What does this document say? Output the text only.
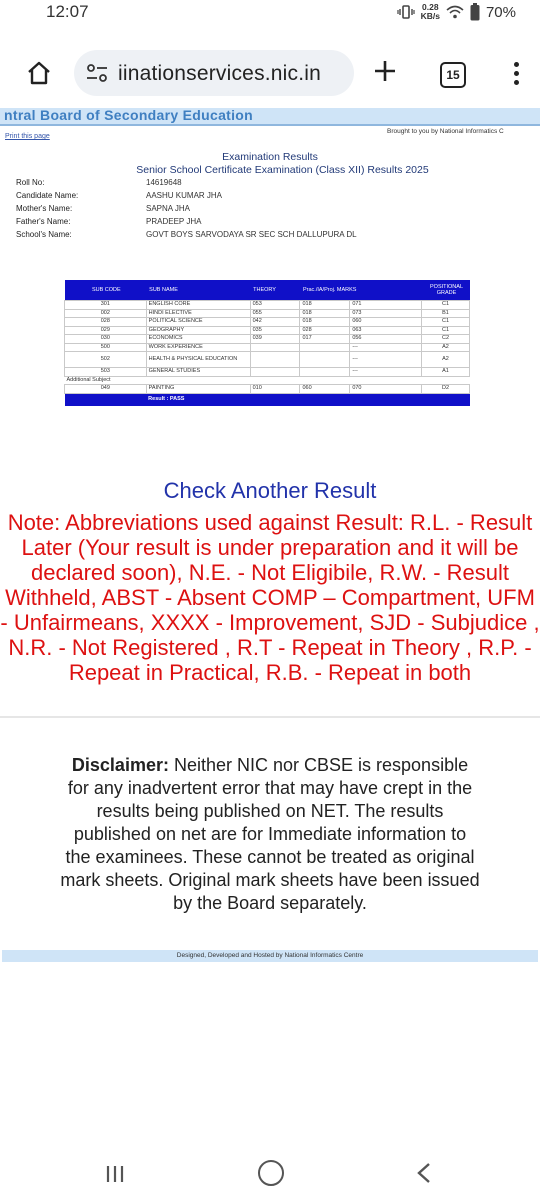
12:07	0.28
KB/s	70%
iinationservices.nic.in	15
ntral Board of Secondary Education
Print this page
Brought to you by National Informatics C
Examination Results
Senior School Certificate Examination (Class XII) Results 2025
Roll No:	14619648
Candidate Name:	AASHU KUMAR JHA
Mother's Name:	SAPNA JHA
Father's Name:	PRADEEP JHA
School's Name:	GOVT BOYS SARVODAYA SR SEC SCH DALLUPURA DL
SUB CODE	SUB NAME	THEORY	Prac./IA/Proj. MARKS		POSITIONAL GRADE
301	ENGLISH CORE	053	018	071	C1
002	HINDI ELECTIVE	055	018	073	B1
028	POLITICAL SCIENCE	042	018	060	C1
029	GEOGRAPHY	035	028	063	C1
030	ECONOMICS	039	017	056	C2
500	WORK EXPERIENCE			---	A2
502	HEALTH & PHYSICAL EDUCATION			---	A2
503	GENERAL STUDIES			---	A1
Additional Subject					
049	PAINTING	010	060	070	D2
	Result : PASS				
Check Another Result
Note: Abbreviations used against Result: R.L. - Result Later (Your result is under preparation and it will be declared soon), N.E. - Not Eligibile, R.W. - Result Withheld, ABST - Absent COMP – Compartment, UFM - Unfairmeans, XXXX - Improvement, SJD - Subjudice , N.R. - Not Registered , R.T - Repeat in Theory , R.P. - Repeat in Practical, R.B. - Repeat in both
Disclaimer: Neither NIC nor CBSE is responsible for any inadvertent error that may have crept in the results being published on NET. The results published on net are for Immediate information to the examinees. These cannot be treated as original mark sheets. Original mark sheets have been issued by the Board separately.
Designed, Developed and Hosted by National Informatics Centre
